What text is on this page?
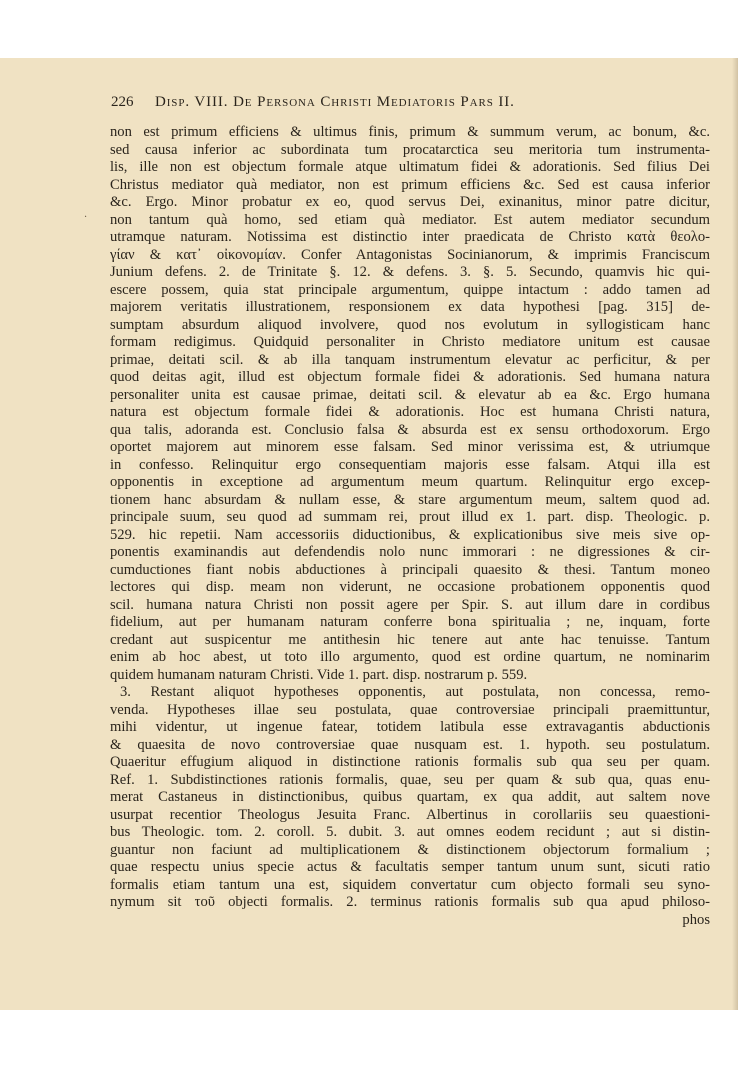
226 Disp. VIII. De Persona Christi Mediatoris Pars II.
·
non est primum efficiens & ultimus finis, primum & summum verum, ac bonum, &c.
sed causa inferior ac subordinata tum procatarctica seu meritoria tum instrumenta-
lis, ille non est objectum formale atque ultimatum fidei & adorationis. Sed filius Dei
Christus mediator quà mediator, non est primum efficiens &c. Sed est causa inferior
&c. Ergo. Minor probatur ex eo, quod servus Dei, exinanitus, minor patre dicitur,
non tantum quà homo, sed etiam quà mediator. Est autem mediator secundum
utramque naturam. Notissima est distinctio inter praedicata de Christo κατὰ θεολο-
γίαν & κατ᾽ οἰκονομίαν. Confer Antagonistas Socinianorum, & imprimis Franciscum
Junium defens. 2. de Trinitate §. 12. & defens. 3. §. 5. Secundo, quamvis hic qui-
escere possem, quia stat principale argumentum, quippe intactum : addo tamen ad
majorem veritatis illustrationem, responsionem ex data hypothesi [pag. 315] de-
sumptam absurdum aliquod involvere, quod nos evolutum in syllogisticam hanc
formam redigimus. Quidquid personaliter in Christo mediatore unitum est causae
primae, deitati scil. & ab illa tanquam instrumentum elevatur ac perficitur, & per
quod deitas agit, illud est objectum formale fidei & adorationis. Sed humana natura
personaliter unita est causae primae, deitati scil. & elevatur ab ea &c. Ergo humana
natura est objectum formale fidei & adorationis. Hoc est humana Christi natura,
qua talis, adoranda est. Conclusio falsa & absurda est ex sensu orthodoxorum. Ergo
oportet majorem aut minorem esse falsam. Sed minor verissima est, & utriumque
in confesso. Relinquitur ergo consequentiam majoris esse falsam. Atqui illa est
opponentis in exceptione ad argumentum meum quartum. Relinquitur ergo excep-
tionem hanc absurdam & nullam esse, & stare argumentum meum, saltem quod ad.
principale suum, seu quod ad summam rei, prout illud ex 1. part. disp. Theologic. p.
529. hic repetii. Nam accessoriis diductionibus, & explicationibus sive meis sive op-
ponentis examinandis aut defendendis nolo nunc immorari : ne digressiones & cir-
cumductiones fiant nobis abductiones à principali quaesito & thesi. Tantum moneo
lectores qui disp. meam non viderunt, ne occasione probationem opponentis quod
scil. humana natura Christi non possit agere per Spir. S. aut illum dare in cordibus
fidelium, aut per humanam naturam conferre bona spiritualia ; ne, inquam, forte
credant aut suspicentur me antithesin hic tenere aut ante hac tenuisse. Tantum
enim ab hoc abest, ut toto illo argumento, quod est ordine quartum, ne nominarim
quidem humanam naturam Christi. Vide 1. part. disp. nostrarum p. 559.
3. Restant aliquot hypotheses opponentis, aut postulata, non concessa, remo-
venda. Hypotheses illae seu postulata, quae controversiae principali praemittuntur,
mihi videntur, ut ingenue fatear, totidem latibula esse extravagantis abductionis
& quaesita de novo controversiae quae nusquam est. 1. hypoth. seu postulatum.
Quaeritur effugium aliquod in distinctione rationis formalis sub qua seu per quam.
Ref. 1. Subdistinctiones rationis formalis, quae, seu per quam & sub qua, quas enu-
merat Castaneus in distinctionibus, quibus quartam, ex qua addit, aut saltem nove
usurpat recentior Theologus Jesuita Franc. Albertinus in corollariis seu quaestioni-
bus Theologic. tom. 2. coroll. 5. dubit. 3. aut omnes eodem recidunt ; aut si distin-
guantur non faciunt ad multiplicationem & distinctionem objectorum formalium ;
quae respectu unius specie actus & facultatis semper tantum unum sunt, sicuti ratio
formalis etiam tantum una est, siquidem convertatur cum objecto formali seu syno-
nymum sit τοῦ objecti formalis. 2. terminus rationis formalis sub qua apud philoso-
phos
